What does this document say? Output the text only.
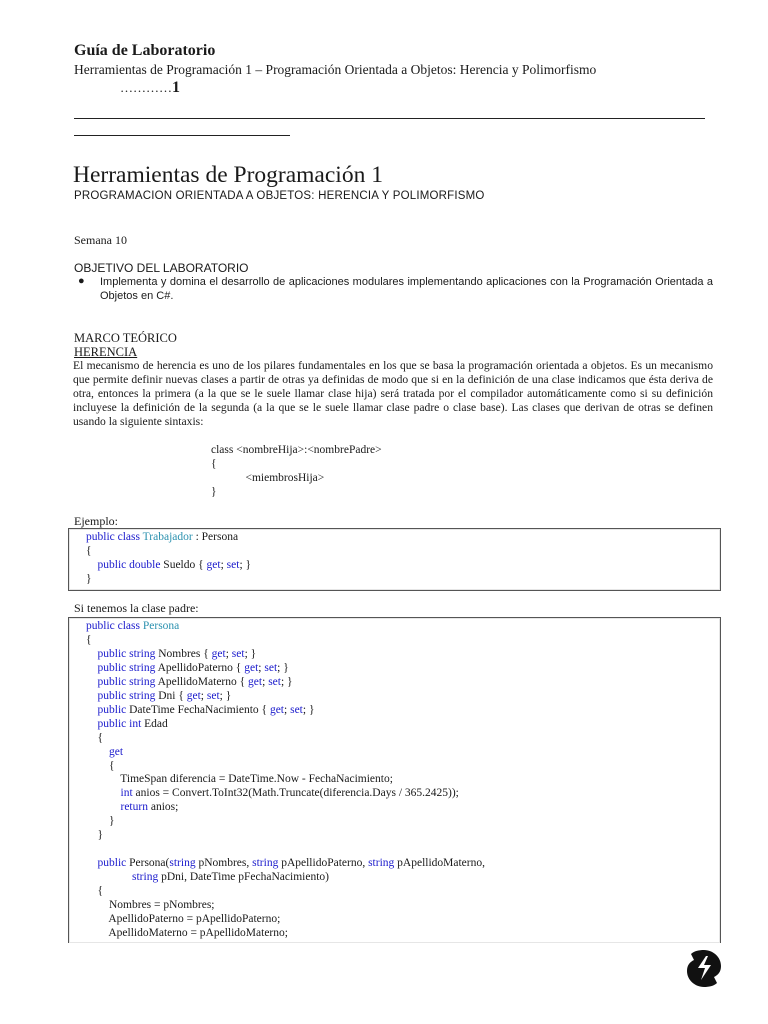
Guía de Laboratorio
Herramientas de Programación 1 – Programación Orientada a Objetos: Herencia y Polimorfismo
…………1
Herramientas de Programación 1
PROGRAMACION ORIENTADA A OBJETOS: HERENCIA Y POLIMORFISMO
Semana 10
OBJETIVO DEL LABORATORIO
● Implementa y domina el desarrollo de aplicaciones modulares implementando aplicaciones con la Programación Orientada a Objetos en C#.
MARCO TEÓRICO
HERENCIA
El mecanismo de herencia es uno de los pilares fundamentales en los que se basa la programación orientada a objetos. Es un mecanismo que permite definir nuevas clases a partir de otras ya definidas de modo que si en la definición de una clase indicamos que ésta deriva de otra, entonces la primera (a la que se le suele llamar clase hija) será tratada por el compilador automáticamente como si su definición incluyese la definición de la segunda (a la que se le suele llamar clase padre o clase base). Las clases que derivan de otras se definen usando la siguiente sintaxis:
class <nombreHija>:<nombrePadre>
{
<miembrosHija>
}
Ejemplo:
public class Trabajador : Persona
{
public double Sueldo { get; set; }
}
Si tenemos la clase padre:
public class Persona
{
public string Nombres { get; set; }
public string ApellidoPaterno { get; set; }
public string ApellidoMaterno { get; set; }
public string Dni { get; set; }
public DateTime FechaNacimiento { get; set; }
public int Edad
{
get
{
TimeSpan diferencia = DateTime.Now - FechaNacimiento;
int anios = Convert.ToInt32(Math.Truncate(diferencia.Days / 365.2425));
return anios;
}
}

public Persona(string pNombres, string pApellidoPaterno, string pApellidoMaterno,
string pDni, DateTime pFechaNacimiento)
{
Nombres = pNombres;
ApellidoPaterno = pApellidoPaterno;
ApellidoMaterno = pApellidoMaterno;
